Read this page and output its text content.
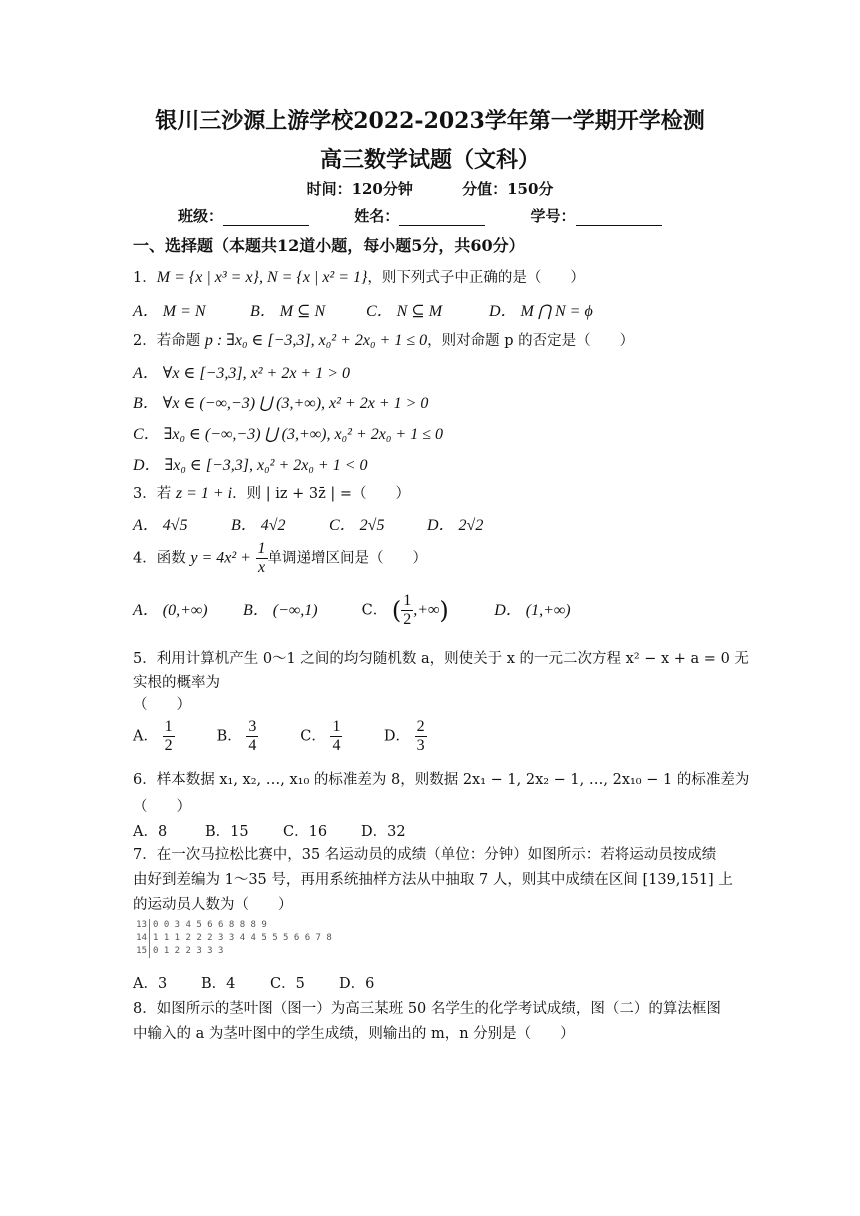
银川三沙源上游学校2022-2023学年第一学期开学检测
高三数学试题（文科）
时间：120分钟	分值：150分
班级：	姓名：	学号：
一、选择题（本题共12道小题，每小题5分，共60分）
1．M = {x | x³ = x}, N = {x | x² = 1}，则下列式子中正确的是（　　）
A． M = N	B． M ⊆ N	C． N ⊆ M	D． M ⋂ N = ϕ
2．若命题 p : ∃x₀ ∈ [−3,3], x₀² + 2x₀ + 1 ≤ 0，则对命题 p 的否定是（　　）
A． ∀x ∈ [−3,3], x² + 2x + 1 > 0
B． ∀x ∈ (−∞,−3) ⋃ (3,+∞), x² + 2x + 1 > 0
C． ∃x₀ ∈ (−∞,−3) ⋃ (3,+∞), x₀² + 2x₀ + 1 ≤ 0
D． ∃x₀ ∈ [−3,3], x₀² + 2x₀ + 1 < 0
3．若 z = 1 + i．则 | iz + 3z̄ | =（　　）
A． 4√5	B． 4√2	C． 2√5	D． 2√2
4．函数 $y = 4x^2 + \frac{1}{x}$ 单调递增区间是（　　）
A． (0,+∞) B． (−∞,1)	C． ( $\frac{1}{2}$ ,+∞)	D． (1,+∞)
5．利用计算机产生 0～1 之间的均匀随机数 a，则使关于 x 的一元二次方程 x² − x + a = 0 无
实根的概率为
（　　）
A． $\frac{1}{2}$	B． $\frac{3}{4}$	C． $\frac{1}{4}$	D． $\frac{2}{3}$
6．样本数据 x₁, x₂, …, x₁₀ 的标准差为 8，则数据 2x₁ − 1, 2x₂ − 1, …, 2x₁₀ − 1 的标准差为
（　　）
A．8	B．15 C．16 D．32
7．在一次马拉松比赛中，35 名运动员的成绩（单位：分钟）如图所示：若将运动员按成绩
由好到差编为 1～35 号，再用系统抽样方法从中抽取 7 人，则其中成绩在区间 [139,151] 上
的运动员人数为（　　）
13 0 0 3 4 5 6 6 8 8 8 9
14 1 1 1 2 2 2 3 3 4 4 5 5 5 6 6 7 8
15 0 1 2 2 3 3 3
A．3 B．4 C．5 D．6
8．如图所示的茎叶图（图一）为高三某班 50 名学生的化学考试成绩，图（二）的算法框图
中输入的 a 为茎叶图中的学生成绩，则输出的 m，n 分别是（　　）
